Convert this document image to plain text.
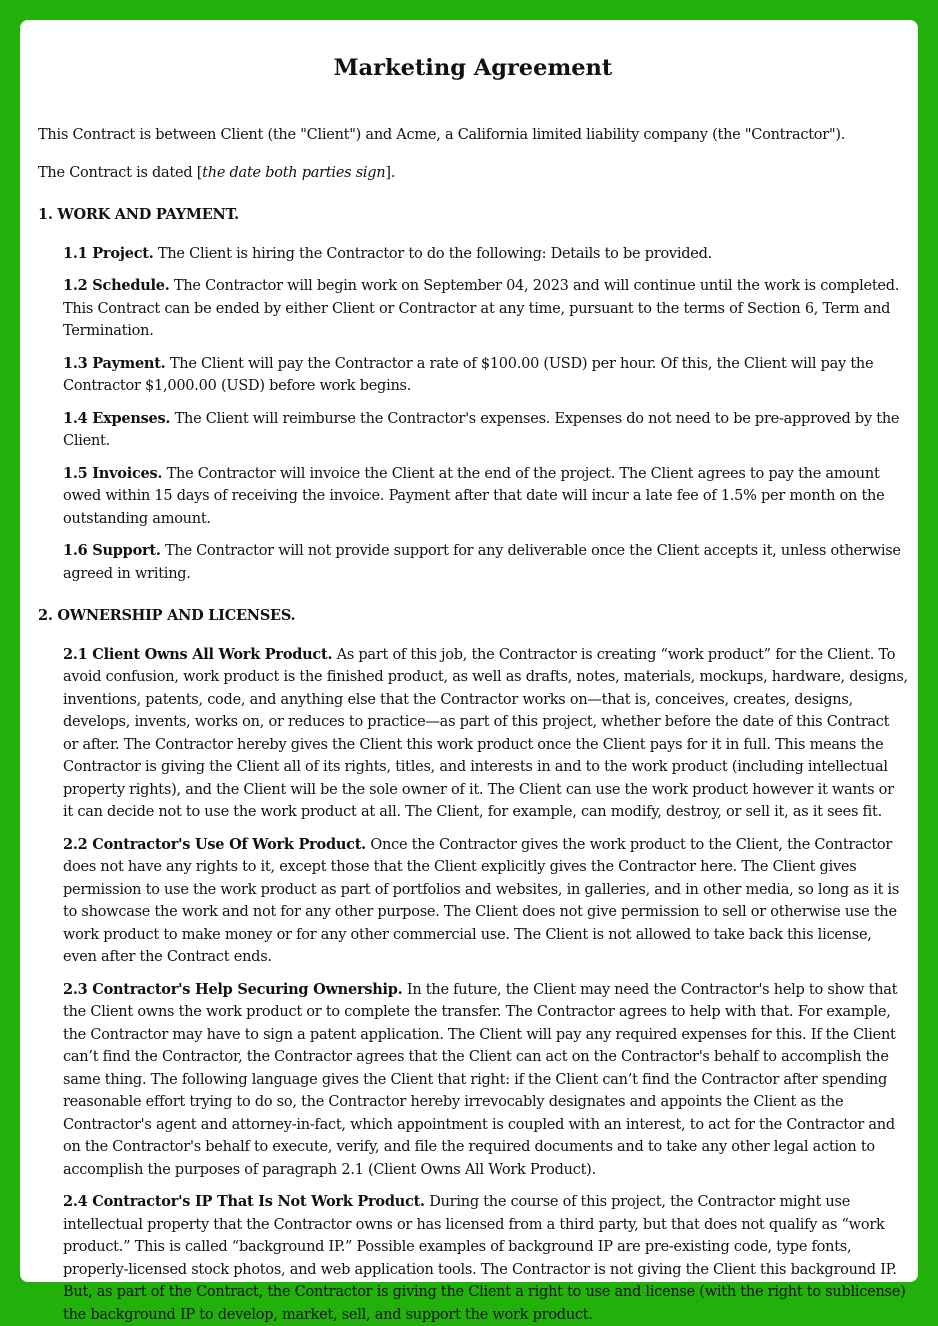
Marketing Agreement

This Contract is between Client (the "Client") and Acme, a California limited liability company (the "Contractor").

The Contract is dated [the date both parties sign].

1. WORK AND PAYMENT.

1.1 Project. The Client is hiring the Contractor to do the following: Details to be provided.

1.2 Schedule. The Contractor will begin work on September 04, 2023 and will continue until the work is completed. This Contract can be ended by either Client or Contractor at any time, pursuant to the terms of Section 6, Term and Termination.

1.3 Payment. The Client will pay the Contractor a rate of $100.00 (USD) per hour. Of this, the Client will pay the Contractor $1,000.00 (USD) before work begins.

1.4 Expenses. The Client will reimburse the Contractor's expenses. Expenses do not need to be pre-approved by the Client.

1.5 Invoices. The Contractor will invoice the Client at the end of the project. The Client agrees to pay the amount owed within 15 days of receiving the invoice. Payment after that date will incur a late fee of 1.5% per month on the outstanding amount.

1.6 Support. The Contractor will not provide support for any deliverable once the Client accepts it, unless otherwise agreed in writing.

2. OWNERSHIP AND LICENSES.

2.1 Client Owns All Work Product. As part of this job, the Contractor is creating “work product” for the Client. To avoid confusion, work product is the finished product, as well as drafts, notes, materials, mockups, hardware, designs, inventions, patents, code, and anything else that the Contractor works on—that is, conceives, creates, designs, develops, invents, works on, or reduces to practice—as part of this project, whether before the date of this Contract or after. The Contractor hereby gives the Client this work product once the Client pays for it in full. This means the Contractor is giving the Client all of its rights, titles, and interests in and to the work product (including intellectual property rights), and the Client will be the sole owner of it. The Client can use the work product however it wants or it can decide not to use the work product at all. The Client, for example, can modify, destroy, or sell it, as it sees fit.

2.2 Contractor's Use Of Work Product. Once the Contractor gives the work product to the Client, the Contractor does not have any rights to it, except those that the Client explicitly gives the Contractor here. The Client gives permission to use the work product as part of portfolios and websites, in galleries, and in other media, so long as it is to showcase the work and not for any other purpose. The Client does not give permission to sell or otherwise use the work product to make money or for any other commercial use. The Client is not allowed to take back this license, even after the Contract ends.

2.3 Contractor's Help Securing Ownership. In the future, the Client may need the Contractor's help to show that the Client owns the work product or to complete the transfer. The Contractor agrees to help with that. For example, the Contractor may have to sign a patent application. The Client will pay any required expenses for this. If the Client can’t find the Contractor, the Contractor agrees that the Client can act on the Contractor's behalf to accomplish the same thing. The following language gives the Client that right: if the Client can’t find the Contractor after spending reasonable effort trying to do so, the Contractor hereby irrevocably designates and appoints the Client as the Contractor's agent and attorney-in-fact, which appointment is coupled with an interest, to act for the Contractor and on the Contractor's behalf to execute, verify, and file the required documents and to take any other legal action to accomplish the purposes of paragraph 2.1 (Client Owns All Work Product).

2.4 Contractor's IP That Is Not Work Product. During the course of this project, the Contractor might use intellectual property that the Contractor owns or has licensed from a third party, but that does not qualify as “work product.” This is called “background IP.” Possible examples of background IP are pre-existing code, type fonts, properly-licensed stock photos, and web application tools. The Contractor is not giving the Client this background IP. But, as part of the Contract, the Contractor is giving the Client a right to use and license (with the right to sublicense) the background IP to develop, market, sell, and support the work product.
